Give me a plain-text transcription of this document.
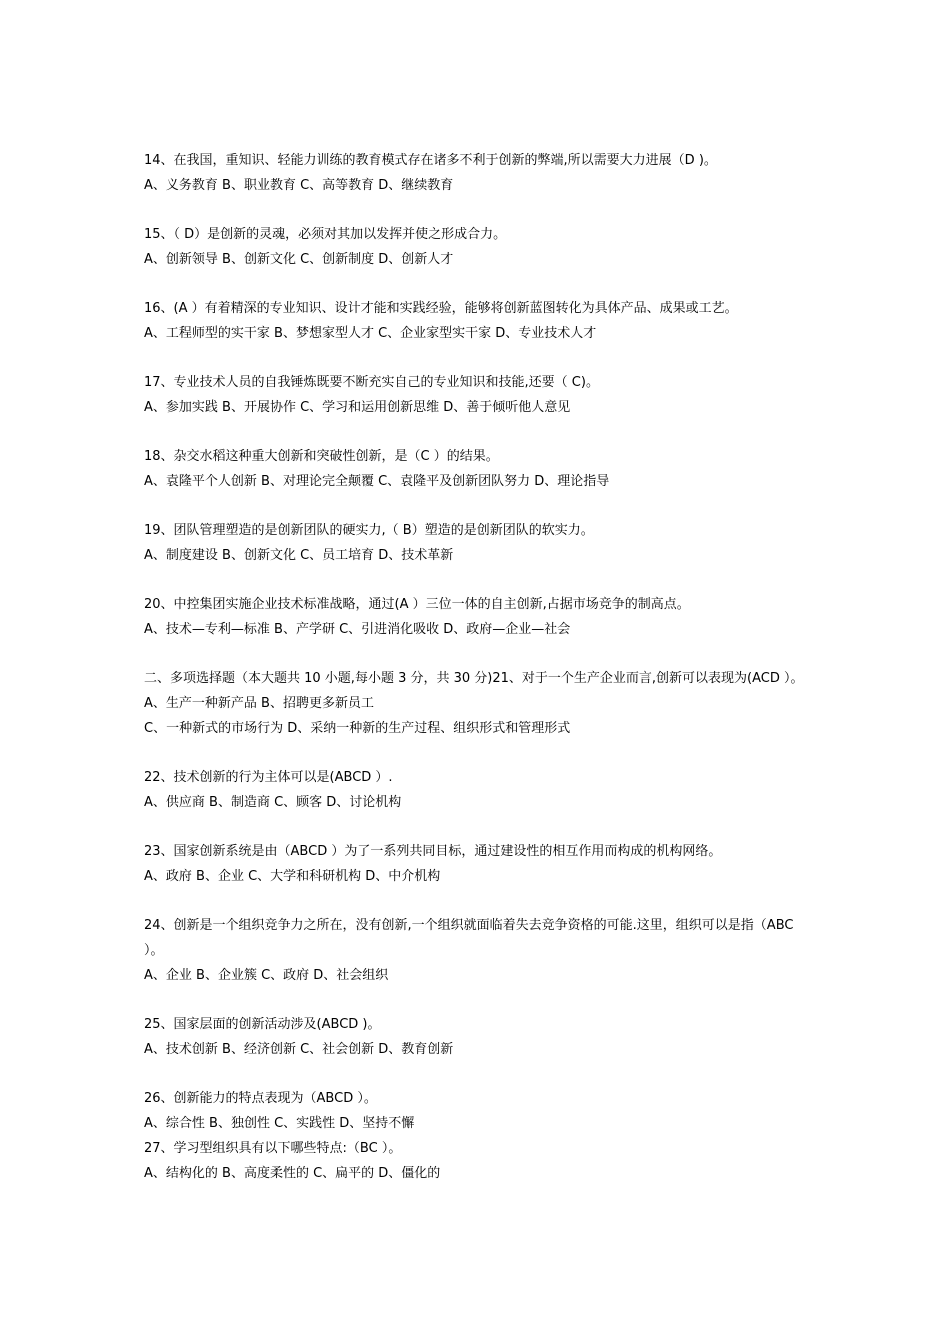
14、在我国，重知识、轻能力训练的教育模式存在诸多不利于创新的弊端,所以需要大力进展（D )。
A、义务教育 B、职业教育 C、高等教育 D、继续教育
15、（ D）是创新的灵魂，必须对其加以发挥并使之形成合力。
A、创新领导 B、创新文化 C、创新制度 D、创新人才
16、(A ）有着精深的专业知识、设计才能和实践经验，能够将创新蓝图转化为具体产品、成果或工艺。
A、工程师型的实干家 B、梦想家型人才 C、企业家型实干家 D、专业技术人才
17、专业技术人员的自我锤炼既要不断充实自己的专业知识和技能,还要（ C)。
A、参加实践 B、开展协作 C、学习和运用创新思维 D、善于倾听他人意见
18、杂交水稻这种重大创新和突破性创新，是（C ）的结果。
A、袁隆平个人创新 B、对理论完全颠覆 C、袁隆平及创新团队努力 D、理论指导
19、团队管理塑造的是创新团队的硬实力,（ B）塑造的是创新团队的软实力。
A、制度建设 B、创新文化 C、员工培育 D、技术革新
20、中控集团实施企业技术标准战略，通过(A ）三位一体的自主创新,占据市场竞争的制高点。
A、技术—专利—标准 B、产学研 C、引进消化吸收 D、政府—企业—社会
二、多项选择题（本大题共 10 小题,每小题 3 分，共 30 分)21、对于一个生产企业而言,创新可以表现为(ACD ）。
A、生产一种新产品 B、招聘更多新员工
C、一种新式的市场行为 D、采纳一种新的生产过程、组织形式和管理形式
22、技术创新的行为主体可以是(ABCD ）.
A、供应商 B、制造商 C、顾客 D、讨论机构
23、国家创新系统是由（ABCD ）为了一系列共同目标，通过建设性的相互作用而构成的机构网络。
A、政府 B、企业 C、大学和科研机构 D、中介机构
24、创新是一个组织竞争力之所在，没有创新,一个组织就面临着失去竞争资格的可能.这里，组织可以是指（ABC ）。
A、企业 B、企业簇 C、政府 D、社会组织
25、国家层面的创新活动涉及(ABCD )。
A、技术创新 B、经济创新 C、社会创新 D、教育创新
26、创新能力的特点表现为（ABCD ）。
A、综合性 B、独创性 C、实践性 D、坚持不懈
27、学习型组织具有以下哪些特点:（BC ）。
A、结构化的 B、高度柔性的 C、扁平的 D、僵化的
